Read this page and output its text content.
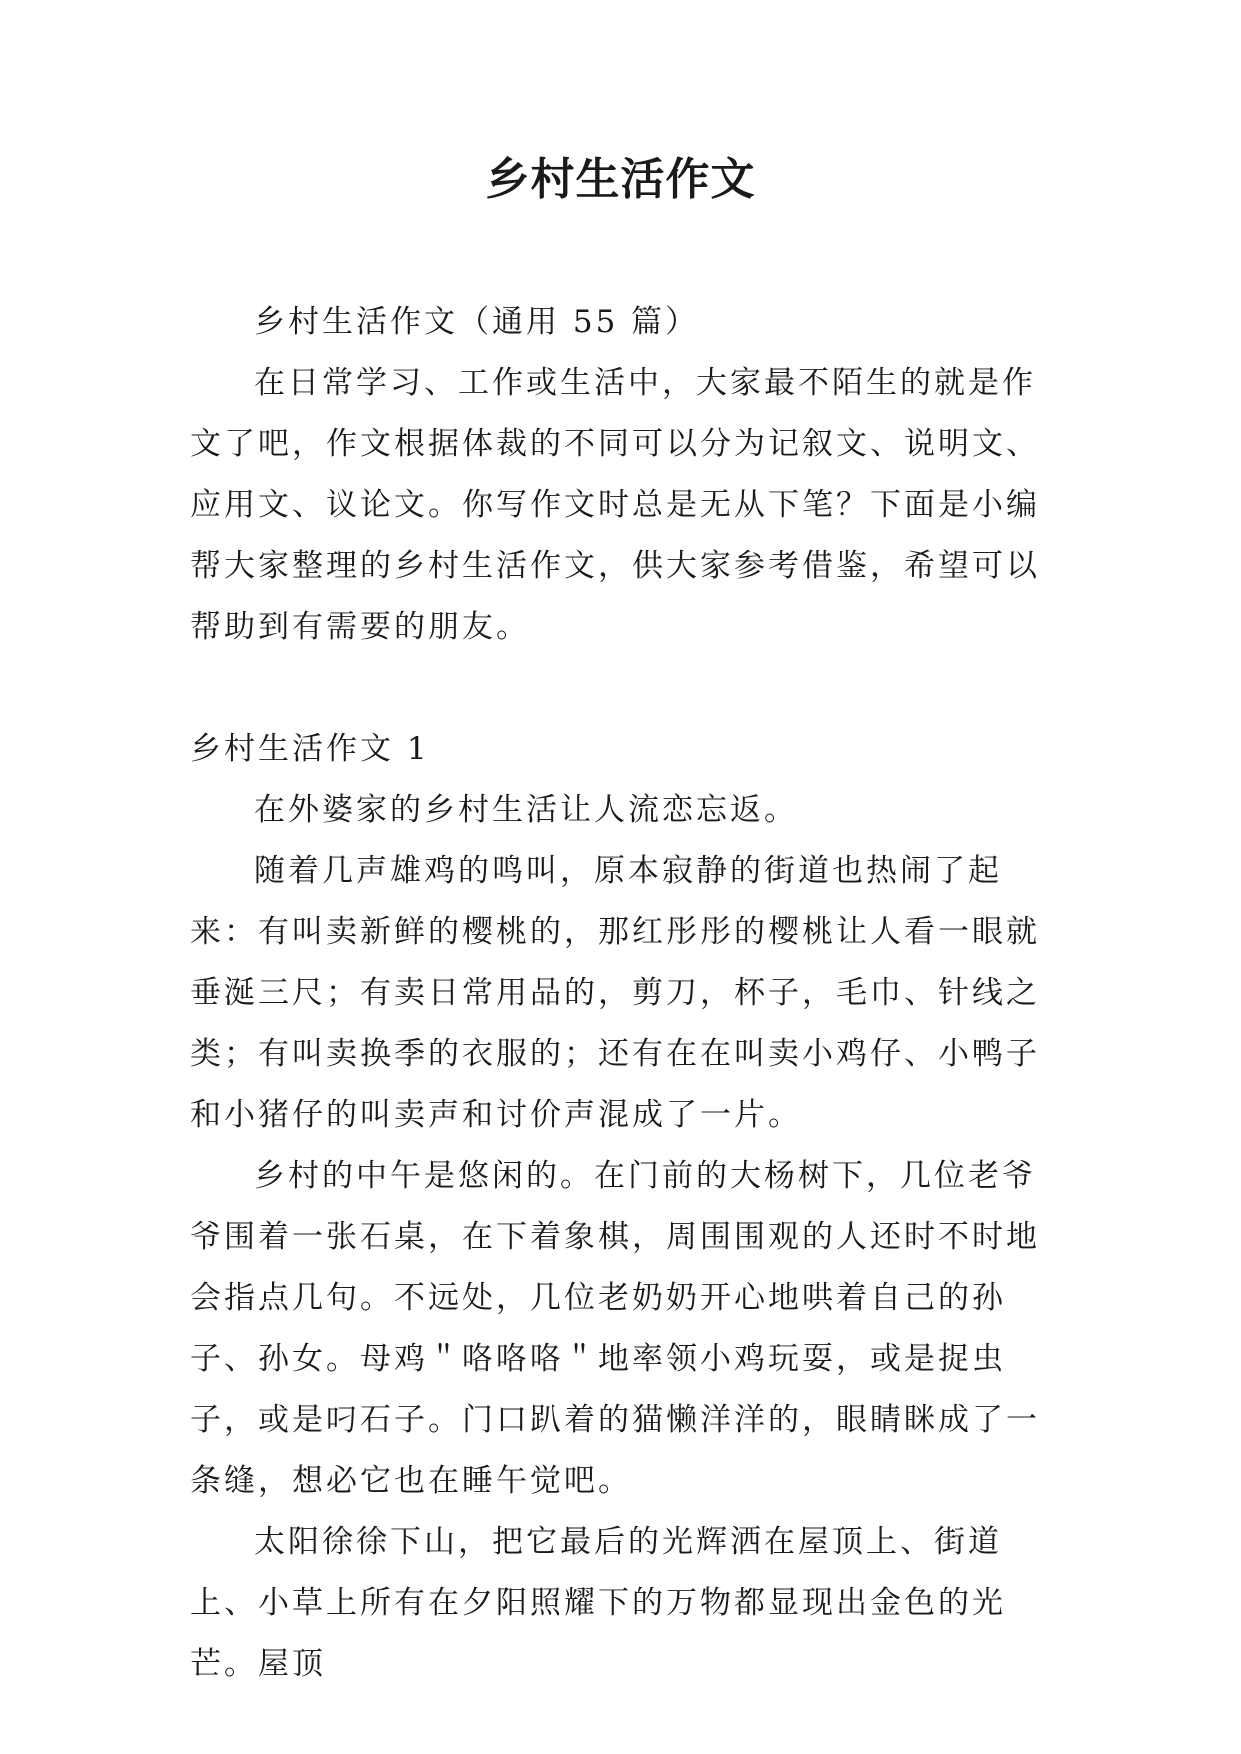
乡村生活作文

乡村生活作文（通用 55 篇）

在日常学习、工作或生活中，大家最不陌生的就是作文了吧，作文根据体裁的不同可以分为记叙文、说明文、应用文、议论文。你写作文时总是无从下笔？下面是小编帮大家整理的乡村生活作文，供大家参考借鉴，希望可以帮助到有需要的朋友。

乡村生活作文 1

在外婆家的乡村生活让人流恋忘返。

随着几声雄鸡的鸣叫，原本寂静的街道也热闹了起来：有叫卖新鲜的樱桃的，那红彤彤的樱桃让人看一眼就垂涎三尺；有卖日常用品的，剪刀，杯子，毛巾、针线之类；有叫卖换季的衣服的；还有在在叫卖小鸡仔、小鸭子和小猪仔的叫卖声和讨价声混成了一片。

乡村的中午是悠闲的。在门前的大杨树下，几位老爷爷围着一张石桌，在下着象棋，周围围观的人还时不时地会指点几句。不远处，几位老奶奶开心地哄着自己的孙子、孙女。母鸡＂咯咯咯＂地率领小鸡玩耍，或是捉虫子，或是叼石子。门口趴着的猫懒洋洋的，眼睛眯成了一条缝，想必它也在睡午觉吧。

太阳徐徐下山，把它最后的光辉洒在屋顶上、街道上、小草上所有在夕阳照耀下的万物都显现出金色的光芒。屋顶
